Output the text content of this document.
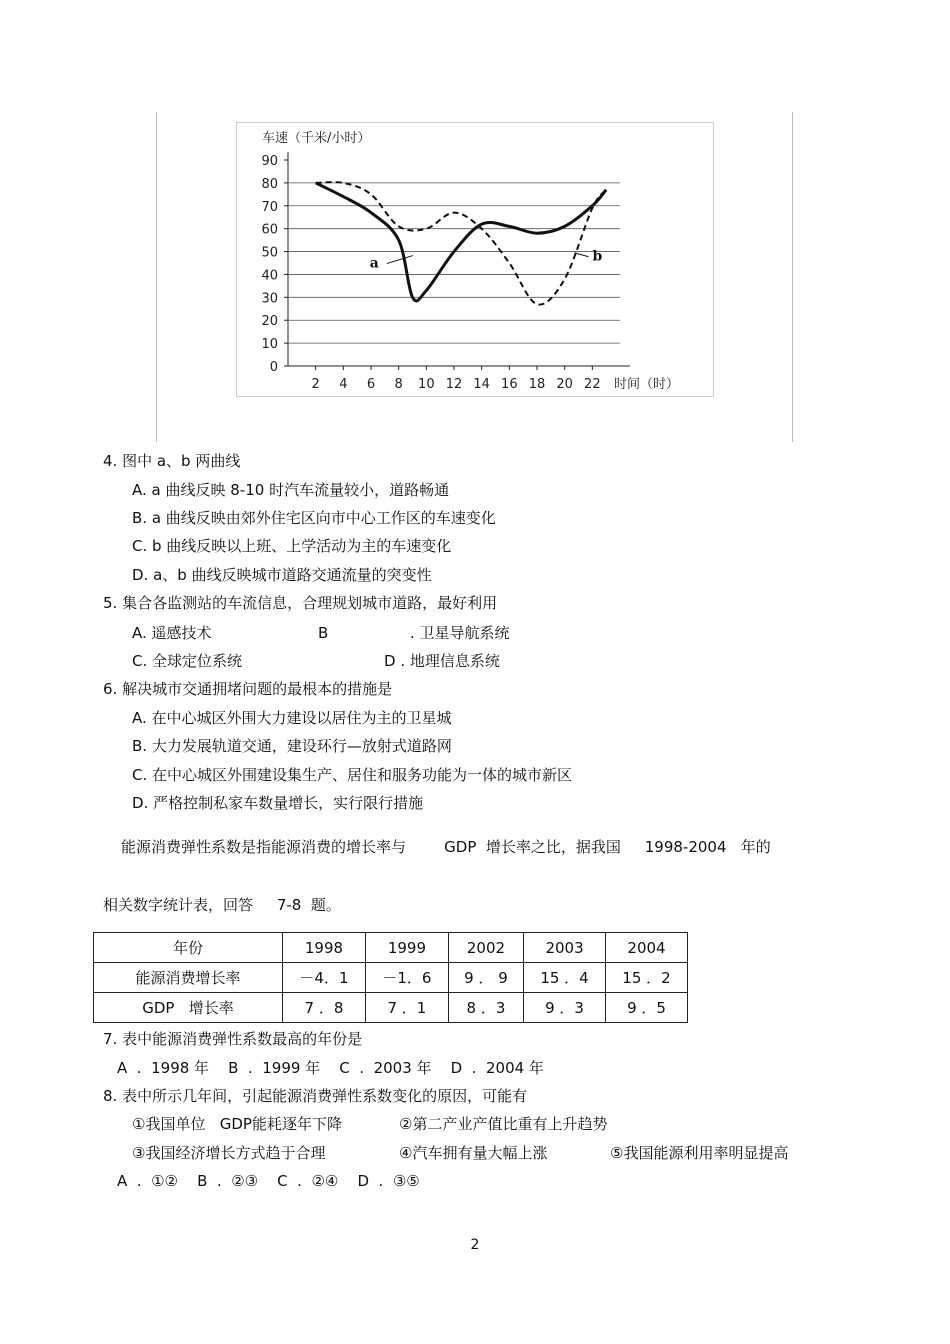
车速（千米/小时）
0
10
20
30
40
50
60
70
80
90
2 4 6 8 10 12 14 16 18 20 22
a	b
时间（时）
4. 图中 a、b 两曲线
A. a 曲线反映 8-10 时汽车流量较小，道路畅通
B. a 曲线反映由郊外住宅区向市中心工作区的车速变化
C. b 曲线反映以上班、上学活动为主的车速变化
D. a、b 曲线反映城市道路交通流量的突变性
5. 集合各监测站的车流信息，合理规划城市道路，最好利用
A. 遥感技术	B	. 卫星导航系统
C. 全球定位系统	D . 地理信息系统
6. 解决城市交通拥堵问题的最根本的措施是
A. 在中心城区外围大力建设以居住为主的卫星城
B. 大力发展轨道交通，建设环行—放射式道路网
C. 在中心城区外围建设集生产、居住和服务功能为一体的城市新区
D. 严格控制私家车数量增长，实行限行措施
能源消费弹性系数是指能源消费的增长率与        GDP  增长率之比，据我国     1998-2004   年的
相关数字统计表，回答     7-8  题。
年份	1998	1999	2002	2003	2004
能源消费增长率	－4．1	－1．6	9 ． 9	15 ．4	15 ．2
GDP   增长率	7 ．8	7 ．1	8 ．3	9 ．3	9 ．5
7. 表中能源消费弹性系数最高的年份是
A  .  1998 年    B  .  1999 年    C  .  2003 年    D  .  2004 年
8. 表中所示几年间，引起能源消费弹性系数变化的原因，可能有
①我国单位   GDP能耗逐年下降	②第二产业产值比重有上升趋势
③我国经济增长方式趋于合理	④汽车拥有量大幅上涨	⑤我国能源利用率明显提高
A  .  ①②    B  .  ②③    C  .  ②④    D  .  ③⑤
2
